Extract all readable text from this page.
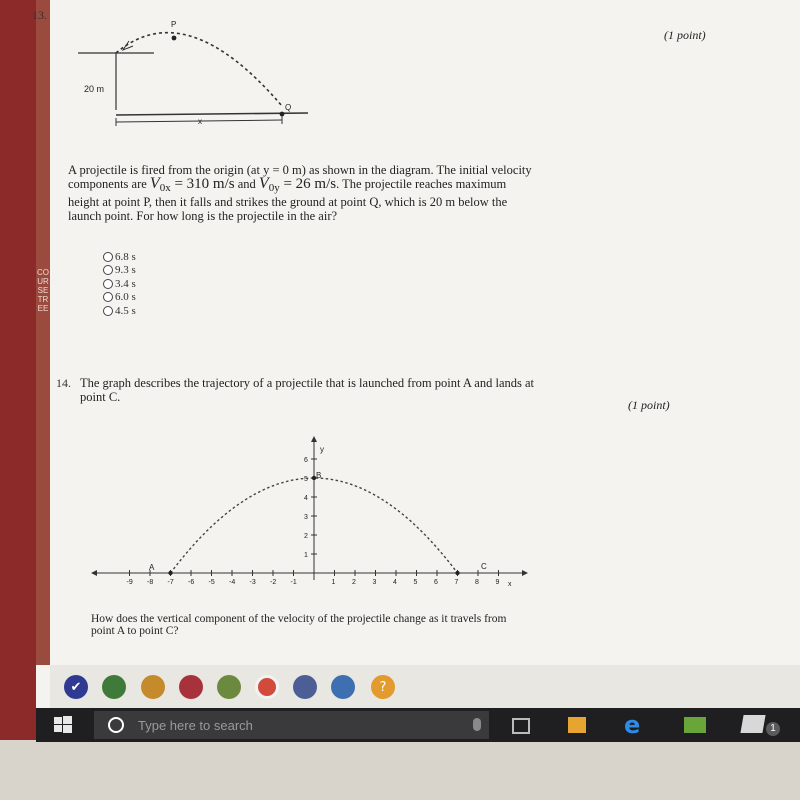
COURSE TREE
13.
(1 point)
P
Q
20 m
x
A projectile is fired from the origin (at y = 0 m) as shown in the diagram. The initial velocity
components are V0x = 310 m/s and V0y = 26 m/s. The projectile reaches maximum
height at point P, then it falls and strikes the ground at point Q, which is 20 m below the
launch point. For how long is the projectile in the air?
6.8 s
9.3 s
3.4 s
6.0 s
4.5 s
14. The graph describes the trajectory of a projectile that is launched from point A and lands at
point C.
(1 point)
-9 -8 -7 -6 -5 -4 -3 -2 -1	1 2 3 4 5 6 7 8 9
1
2
3
4
5
6
A
B
C
y
x
How does the vertical component of the velocity of the projectile change as it travels from
point A to point C?
✔	?
Type here to search	e	1
